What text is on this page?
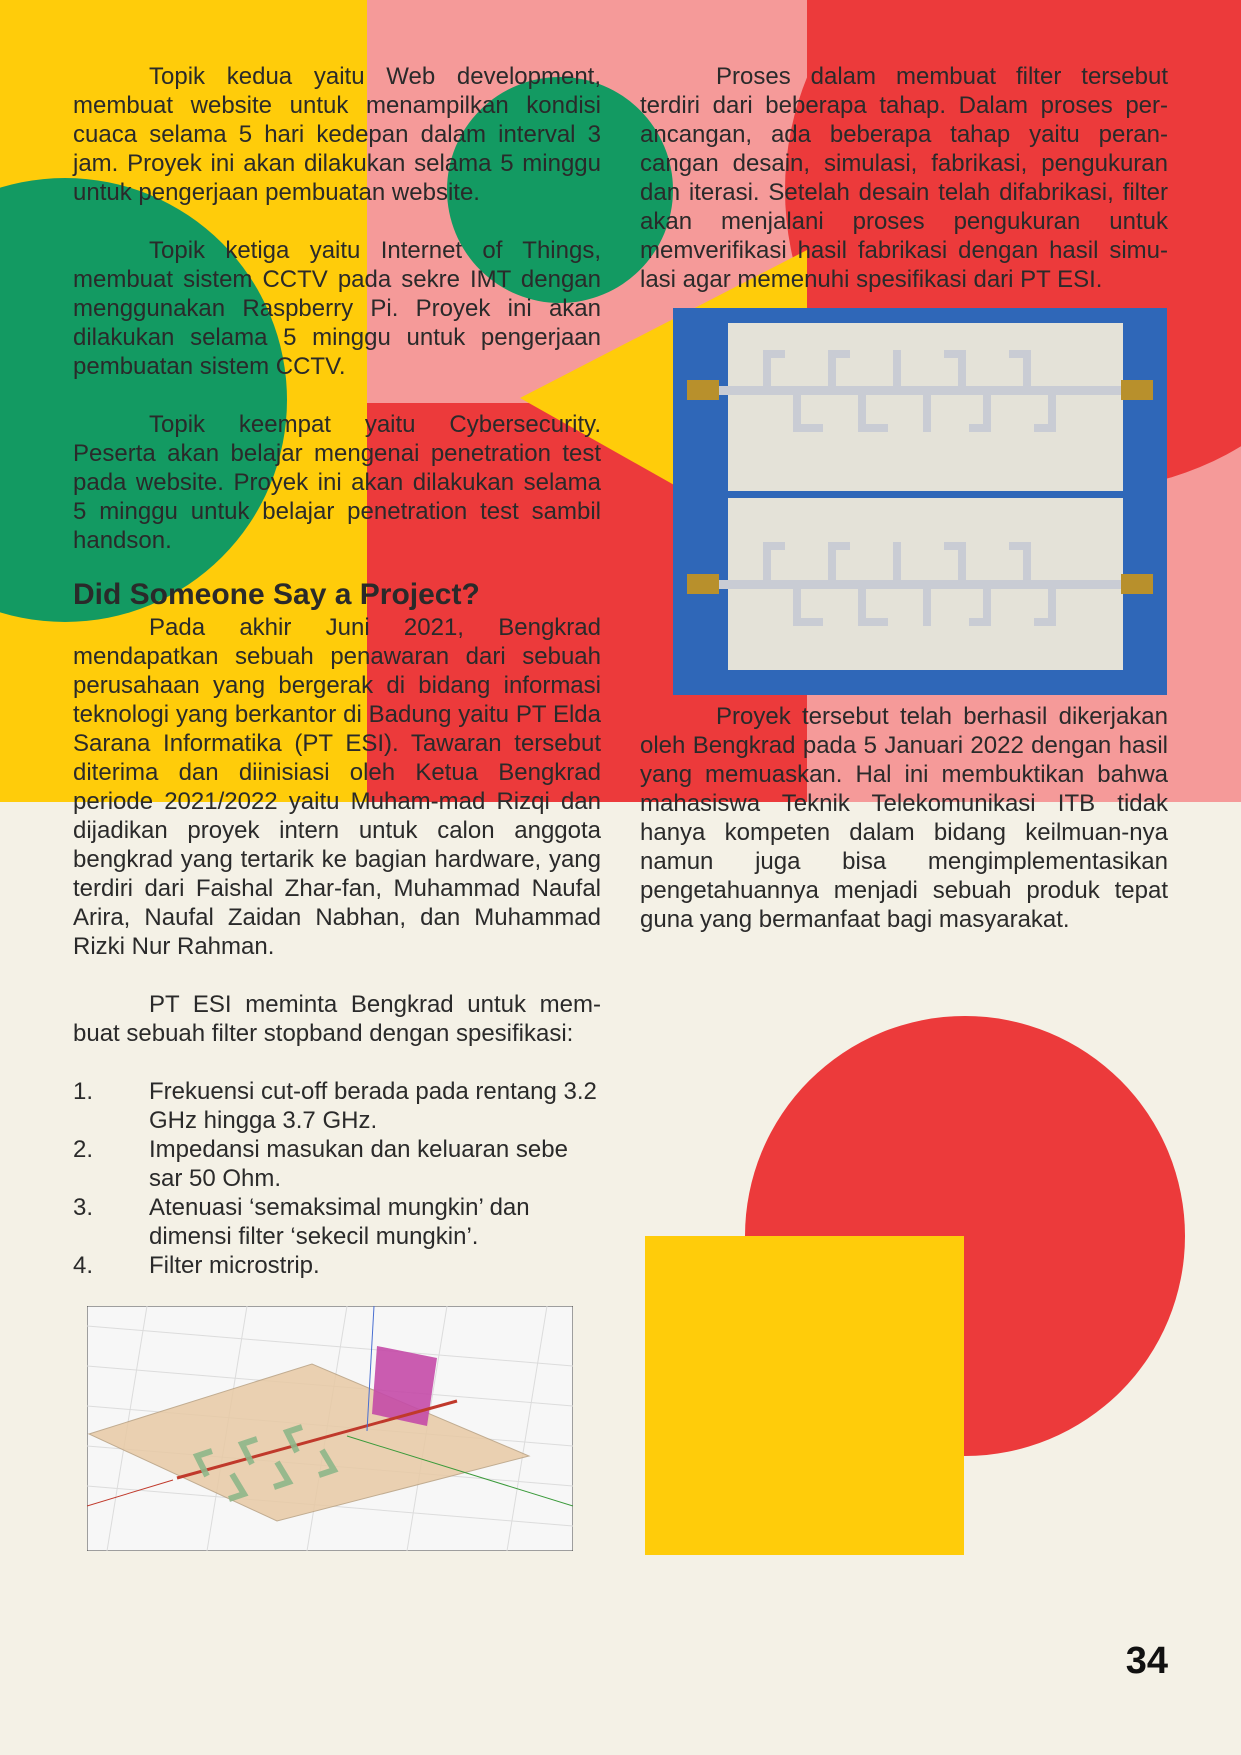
Topik kedua yaitu Web development, membuat website untuk menampilkan kondisi cuaca selama 5 hari kedepan dalam interval 3 jam. Proyek ini akan dilakukan selama 5 minggu untuk pengerjaan pembuatan website.

Topik ketiga yaitu Internet of Things, membuat sistem CCTV pada sekre IMT dengan menggunakan Raspberry Pi. Proyek ini akan dilakukan selama 5 minggu untuk pengerjaan pembuatan sistem CCTV.

Topik keempat yaitu Cybersecurity. Peserta akan belajar mengenai penetration test pada website. Proyek ini akan dilakukan selama 5 minggu untuk belajar penetration test sambil handson.

Did Someone Say a Project?

Pada akhir Juni 2021, Bengkrad mendapatkan sebuah penawaran dari sebuah perusahaan yang bergerak di bidang informasi teknologi yang berkantor di Badung yaitu PT Elda Sarana Informatika (PT ESI). Tawaran tersebut diterima dan diinisiasi oleh Ketua Bengkrad periode 2021/2022 yaitu Muham-mad Rizqi dan dijadikan proyek intern untuk calon anggota bengkrad yang tertarik ke bagian hardware, yang terdiri dari Faishal Zhar-fan, Muhammad Naufal Arira, Naufal Zaidan Nabhan, dan Muhammad Rizki Nur Rahman.

PT ESI meminta Bengkrad untuk mem-buat sebuah filter stopband dengan spesifikasi:

1. Frekuensi cut-off berada pada rentang 3.2 GHz hingga 3.7 GHz.
2. Impedansi masukan dan keluaran sebe sar 50 Ohm.
3. Atenuasi ‘semaksimal mungkin’ dan dimensi filter ‘sekecil mungkin’.
4. Filter microstrip.

Proses dalam membuat filter tersebut terdiri dari beberapa tahap. Dalam proses per-ancangan, ada beberapa tahap yaitu peran-cangan desain, simulasi, fabrikasi, pengukuran dan iterasi. Setelah desain telah difabrikasi, filter akan menjalani proses pengukuran untuk memverifikasi hasil fabrikasi dengan hasil simu-lasi agar memenuhi spesifikasi dari PT ESI.

Proyek tersebut telah berhasil dikerjakan oleh Bengkrad pada 5 Januari 2022 dengan hasil yang memuaskan. Hal ini membuktikan bahwa mahasiswa Teknik Telekomunikasi ITB tidak hanya kompeten dalam bidang keilmuan-nya namun juga bisa mengimplementasikan pengetahuannya menjadi sebuah produk tepat guna yang bermanfaat bagi masyarakat.

34
